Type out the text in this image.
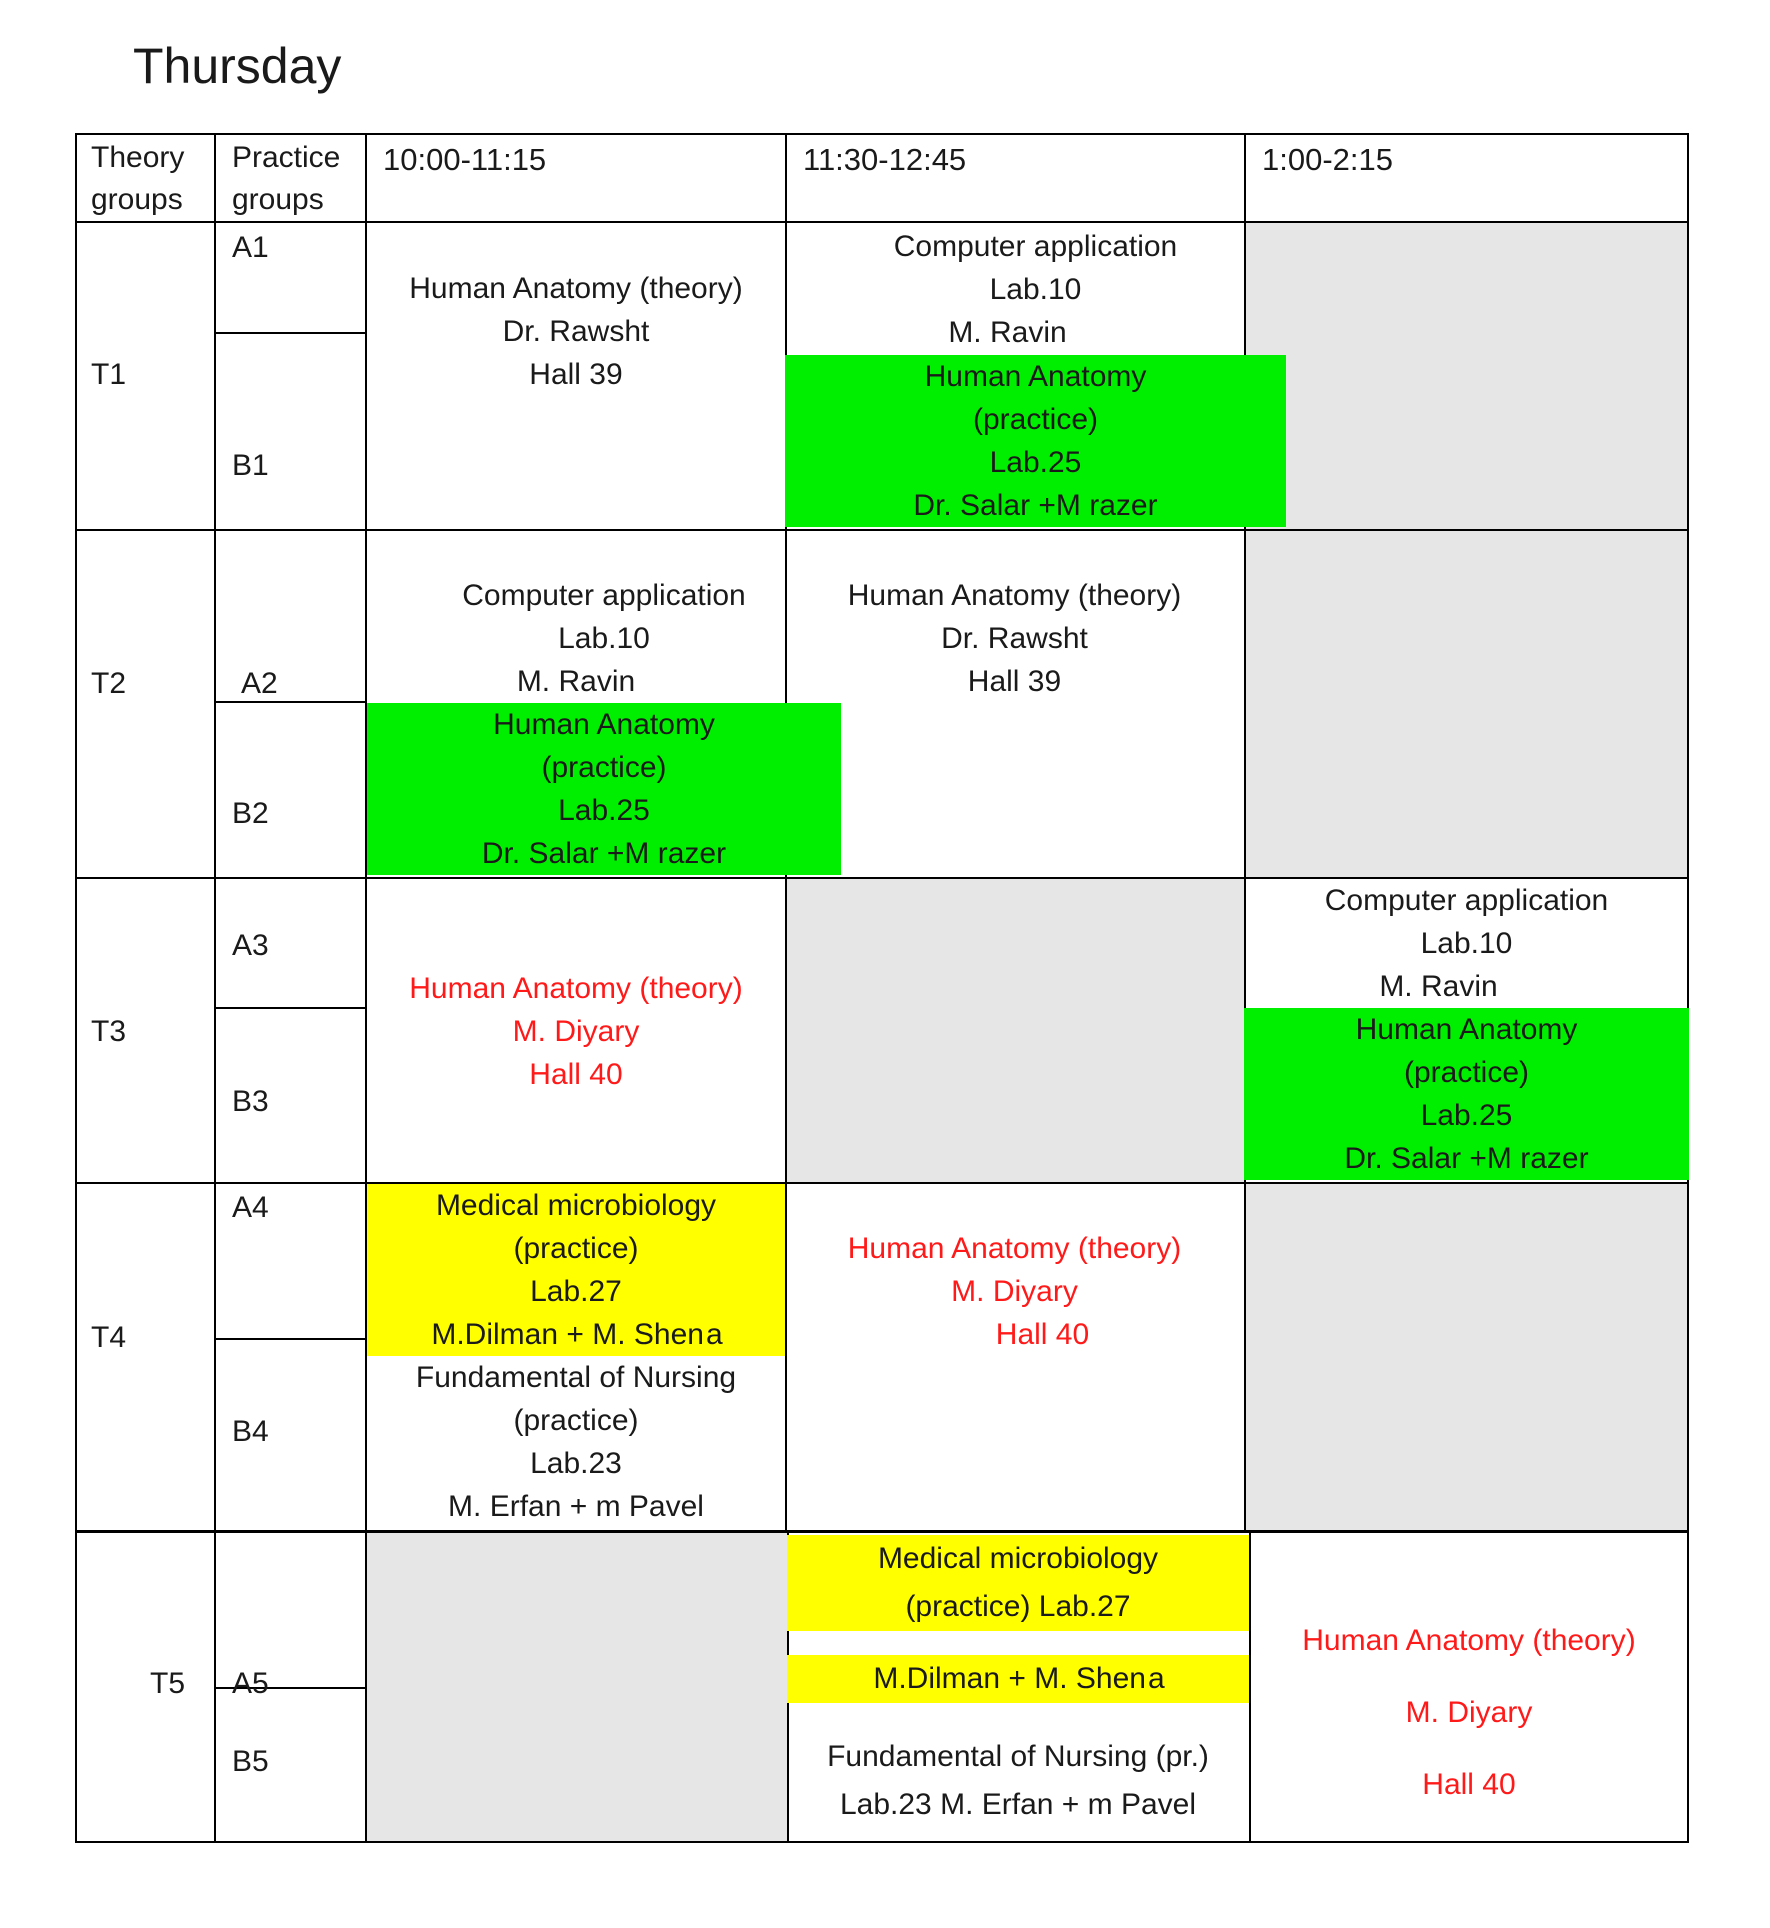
Thursday
Theory
groups
Practice
groups
10:00-11:15	11:30-12:45	1:00-2:15
T1
T2
T3
T4
T5
A1
B1
A2
B2
A3
B3
A4
B4
A5
B5
Human Anatomy (theory)
Dr. Rawsht
Hall 39
Computer application
Lab.10
M. Ravin
Human Anatomy
(practice)
Lab.25
Dr. Salar +M razer
Computer application
Lab.10
M. Ravin
Human Anatomy
(practice)
Lab.25
Dr. Salar +M razer
Human Anatomy (theory)
Dr. Rawsht
Hall 39
Human Anatomy (theory)
M. Diyary
Hall 40
Computer application
Lab.10
M. Ravin
Human Anatomy
(practice)
Lab.25
Dr. Salar +M razer
Medical microbiology
(practice)
Lab.27
M.Dilman + M. Shena
Fundamental of Nursing
(practice)
Lab.23
M. Erfan + m Pavel
Human Anatomy (theory)
M. Diyary
Hall 40
Medical microbiology
(practice) Lab.27
M.Dilman + M. Shena
Fundamental of Nursing (pr.)
Lab.23 M. Erfan + m Pavel
Human Anatomy (theory)
M. Diyary
Hall 40
